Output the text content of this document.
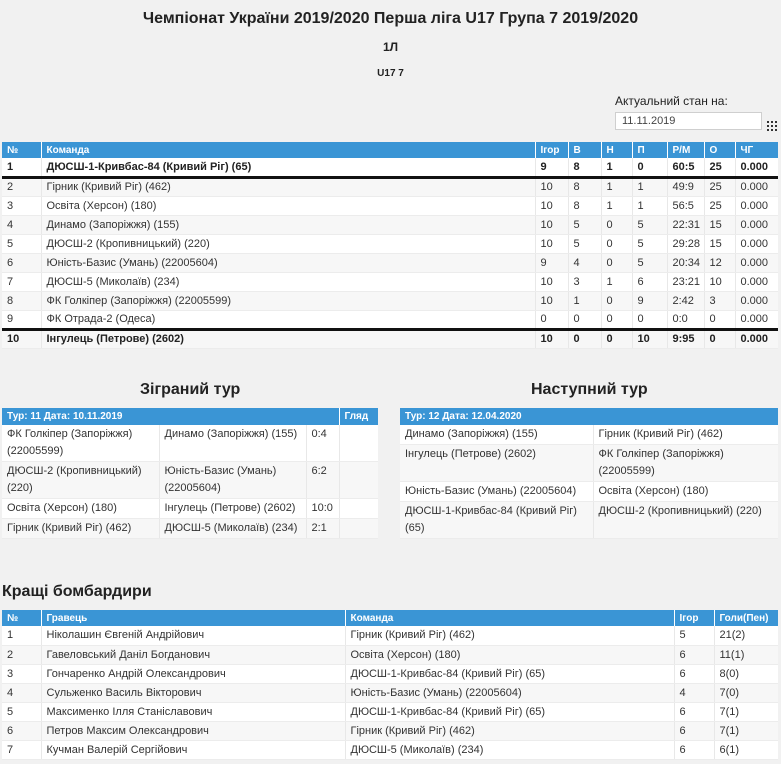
Чемпіонат України 2019/2020 Перша ліга U17 Група 7 2019/2020
1Л
U17 7
Актуальний стан на:
11.11.2019
№	Команда	Ігор	В	Н	П	Р/М	О	ЧГ
1	ДЮСШ-1-Кривбас-84 (Кривий Ріг) (65)	9	8	1	0	60:5	25	0.000
2	Гірник (Кривий Ріг) (462)	10	8	1	1	49:9	25	0.000
3	Освіта (Херсон) (180)	10	8	1	1	56:5	25	0.000
4	Динамо (Запоріжжя) (155)	10	5	0	5	22:31	15	0.000
5	ДЮСШ-2 (Кропивницький) (220)	10	5	0	5	29:28	15	0.000
6	Юність-Базис (Умань) (22005604)	9	4	0	5	20:34	12	0.000
7	ДЮСШ-5 (Миколаїв) (234)	10	3	1	6	23:21	10	0.000
8	ФК Голкіпер (Запоріжжя) (22005599)	10	1	0	9	2:42	3	0.000
9	ФК Отрада-2 (Одеса)	0	0	0	0	0:0	0	0.000
10	Інгулець (Петрове) (2602)	10	0	0	10	9:95	0	0.000
Зіграний тур	Наступний тур
Тур: 11 Дата: 10.11.2019			Гляд
ФК Голкіпер (Запоріжжя) (22005599)	Динамо (Запоріжжя) (155)	0:4	
ДЮСШ-2 (Кропивницький) (220)	Юність-Базис (Умань) (22005604)	6:2	
Освіта (Херсон) (180)	Інгулець (Петрове) (2602)	10:0	
Гірник (Кривий Ріг) (462)	ДЮСШ-5 (Миколаїв) (234)	2:1	
Тур: 12 Дата: 12.04.2020	
Динамо (Запоріжжя) (155)	Гірник (Кривий Ріг) (462)
Інгулець (Петрове) (2602)	ФК Голкіпер (Запоріжжя) (22005599)
Юність-Базис (Умань) (22005604)	Освіта (Херсон) (180)
ДЮСШ-1-Кривбас-84 (Кривий Ріг) (65)	ДЮСШ-2 (Кропивницький) (220)
Кращі бомбардири
№	Гравець	Команда	Ігор	Голи(Пен)
1	Ніколашин Євгеній Андрійович	Гірник (Кривий Ріг) (462)	5	21(2)
2	Гавеловський Даніл Богданович	Освіта (Херсон) (180)	6	11(1)
3	Гончаренко Андрій Олександрович	ДЮСШ-1-Кривбас-84 (Кривий Ріг) (65)	6	8(0)
4	Сульженко Василь Вікторович	Юність-Базис (Умань) (22005604)	4	7(0)
5	Максименко Ілля Станіславович	ДЮСШ-1-Кривбас-84 (Кривий Ріг) (65)	6	7(1)
6	Петров Максим Олександрович	Гірник (Кривий Ріг) (462)	6	7(1)
7	Кучман Валерій Сергійович	ДЮСШ-5 (Миколаїв) (234)	6	6(1)
